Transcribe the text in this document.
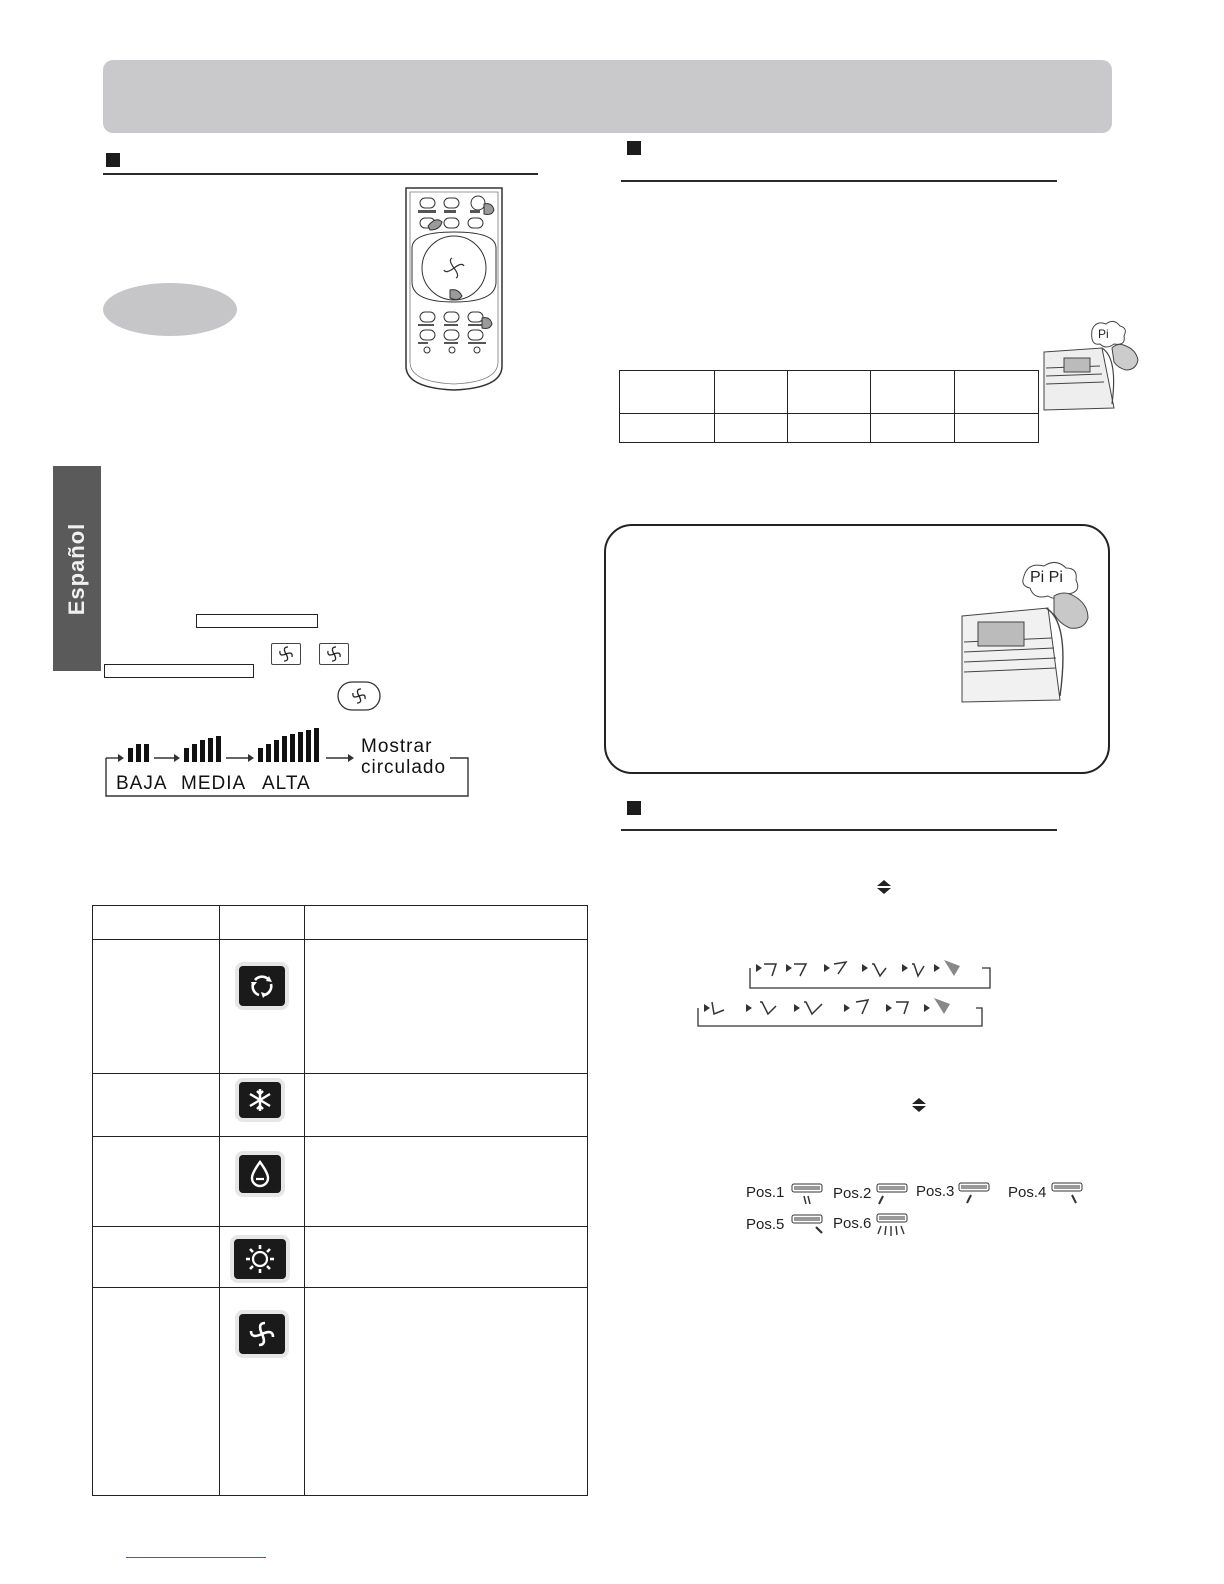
Español
BAJA MEDIA ALTA
Mostrar
circulado

Pi
Pi Pi
Pos.1	Pos.2	Pos.3	Pos.4
Pos.5	Pos.6
